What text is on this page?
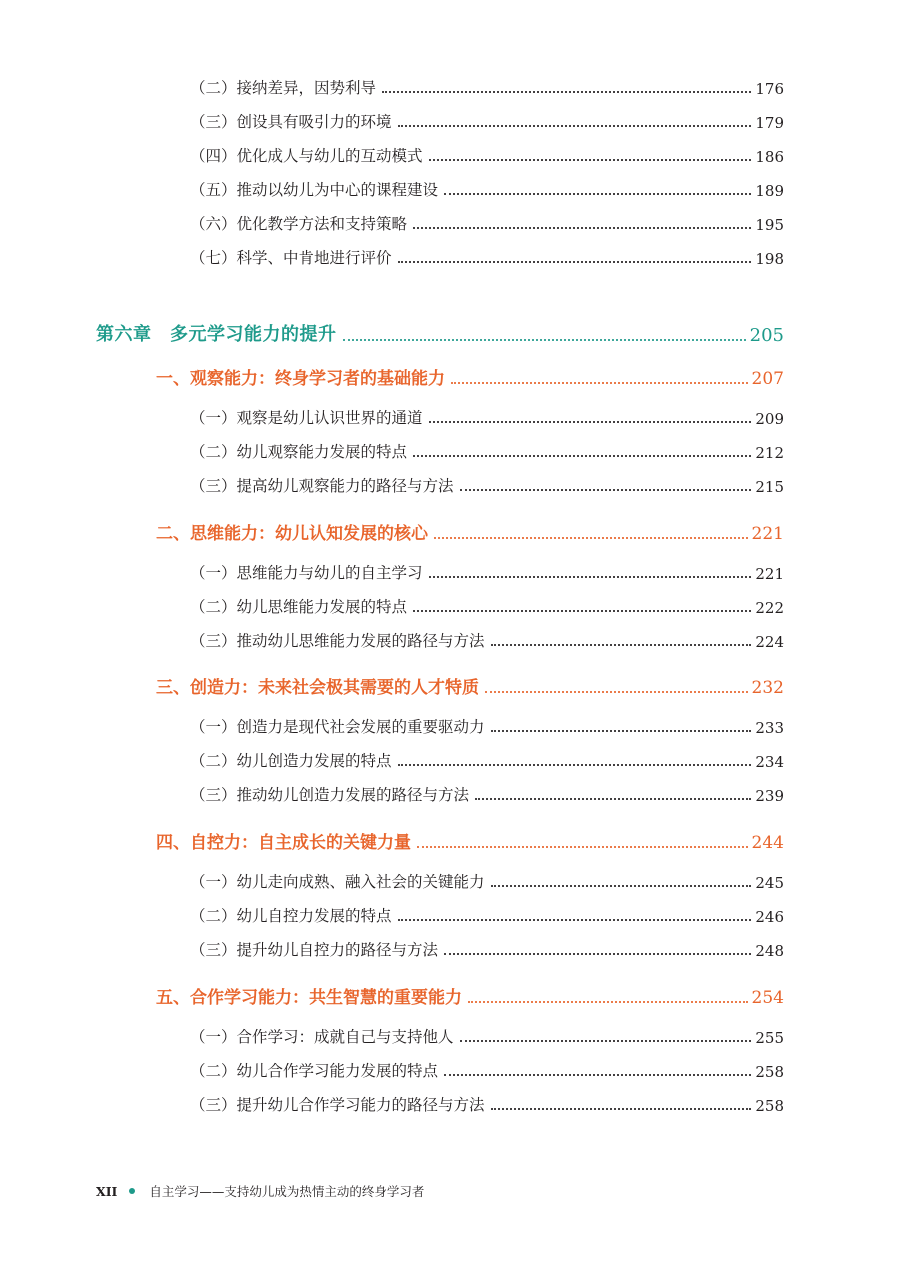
（二）接纳差异，因势利导	176
（三）创设具有吸引力的环境	179
（四）优化成人与幼儿的互动模式	186
（五）推动以幼儿为中心的课程建设	189
（六）优化教学方法和支持策略	195
（七）科学、中肯地进行评价	198
第六章　多元学习能力的提升	205
一、观察能力：终身学习者的基础能力	207
（一）观察是幼儿认识世界的通道	209
（二）幼儿观察能力发展的特点	212
（三）提高幼儿观察能力的路径与方法	215
二、思维能力：幼儿认知发展的核心	221
（一）思维能力与幼儿的自主学习	221
（二）幼儿思维能力发展的特点	222
（三）推动幼儿思维能力发展的路径与方法	224
三、创造力：未来社会极其需要的人才特质	232
（一）创造力是现代社会发展的重要驱动力	233
（二）幼儿创造力发展的特点	234
（三）推动幼儿创造力发展的路径与方法	239
四、自控力：自主成长的关键力量	244
（一）幼儿走向成熟、融入社会的关键能力	245
（二）幼儿自控力发展的特点	246
（三）提升幼儿自控力的路径与方法	248
五、合作学习能力：共生智慧的重要能力	254
（一）合作学习：成就自己与支持他人	255
（二）幼儿合作学习能力发展的特点	258
（三）提升幼儿合作学习能力的路径与方法	258
XII	自主学习——支持幼儿成为热情主动的终身学习者
